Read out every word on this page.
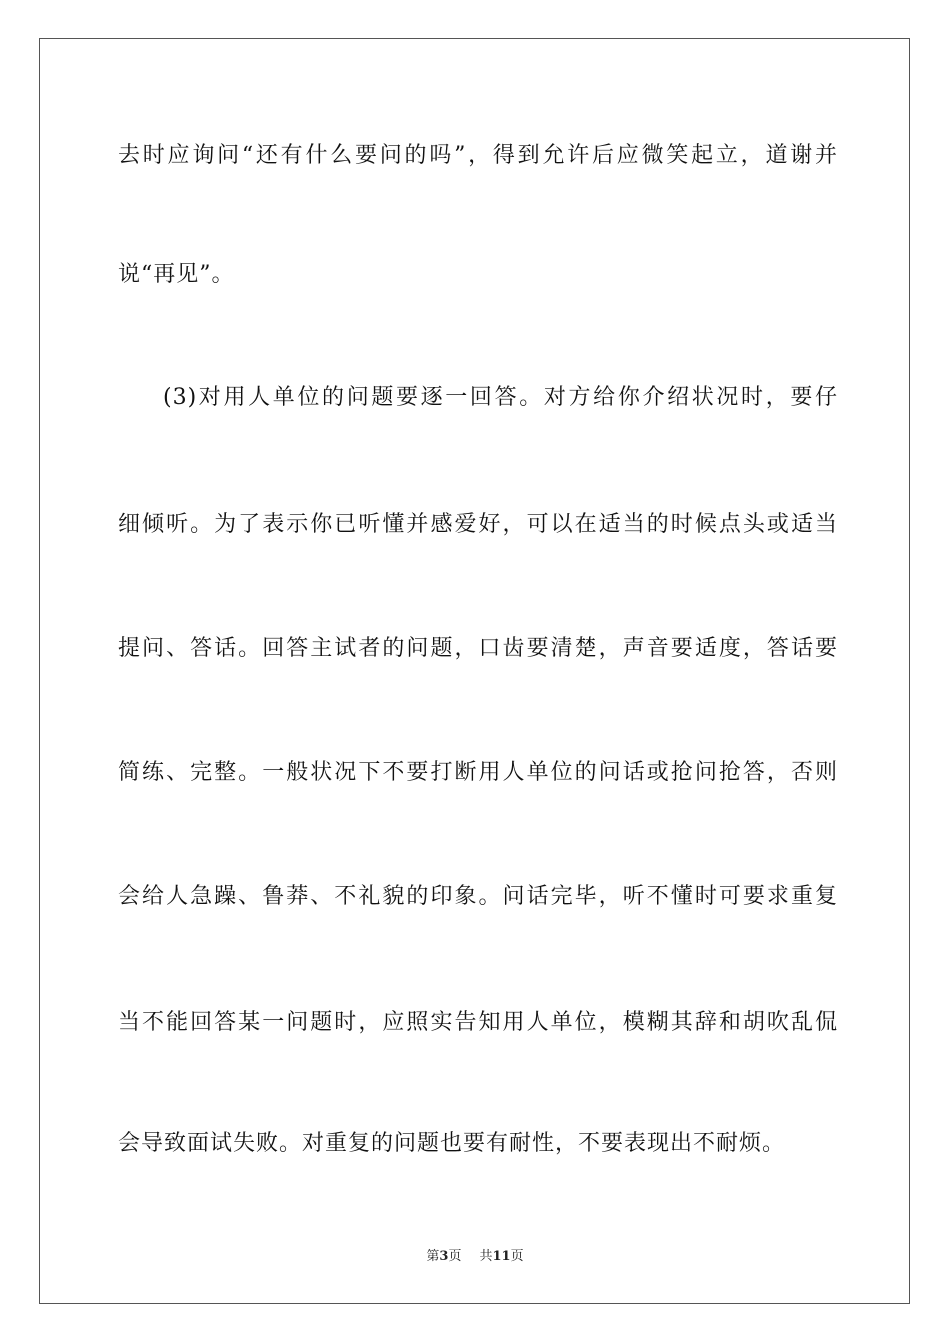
去时应询问“还有什么要问的吗”，得到允许后应微笑起立，道谢并
说“再见”。
(3)对用人单位的问题要逐一回答。对方给你介绍状况时，要仔
细倾听。为了表示你已听懂并感爱好，可以在适当的时候点头或适当
提问、答话。回答主试者的问题，口齿要清楚，声音要适度，答话要
简练、完整。一般状况下不要打断用人单位的问话或抢问抢答，否则
会给人急躁、鲁莽、不礼貌的印象。问话完毕，听不懂时可要求重复
当不能回答某一问题时，应照实告知用人单位，模糊其辞和胡吹乱侃
会导致面试失败。对重复的问题也要有耐性，不要表现出不耐烦。
第3页 共11页
